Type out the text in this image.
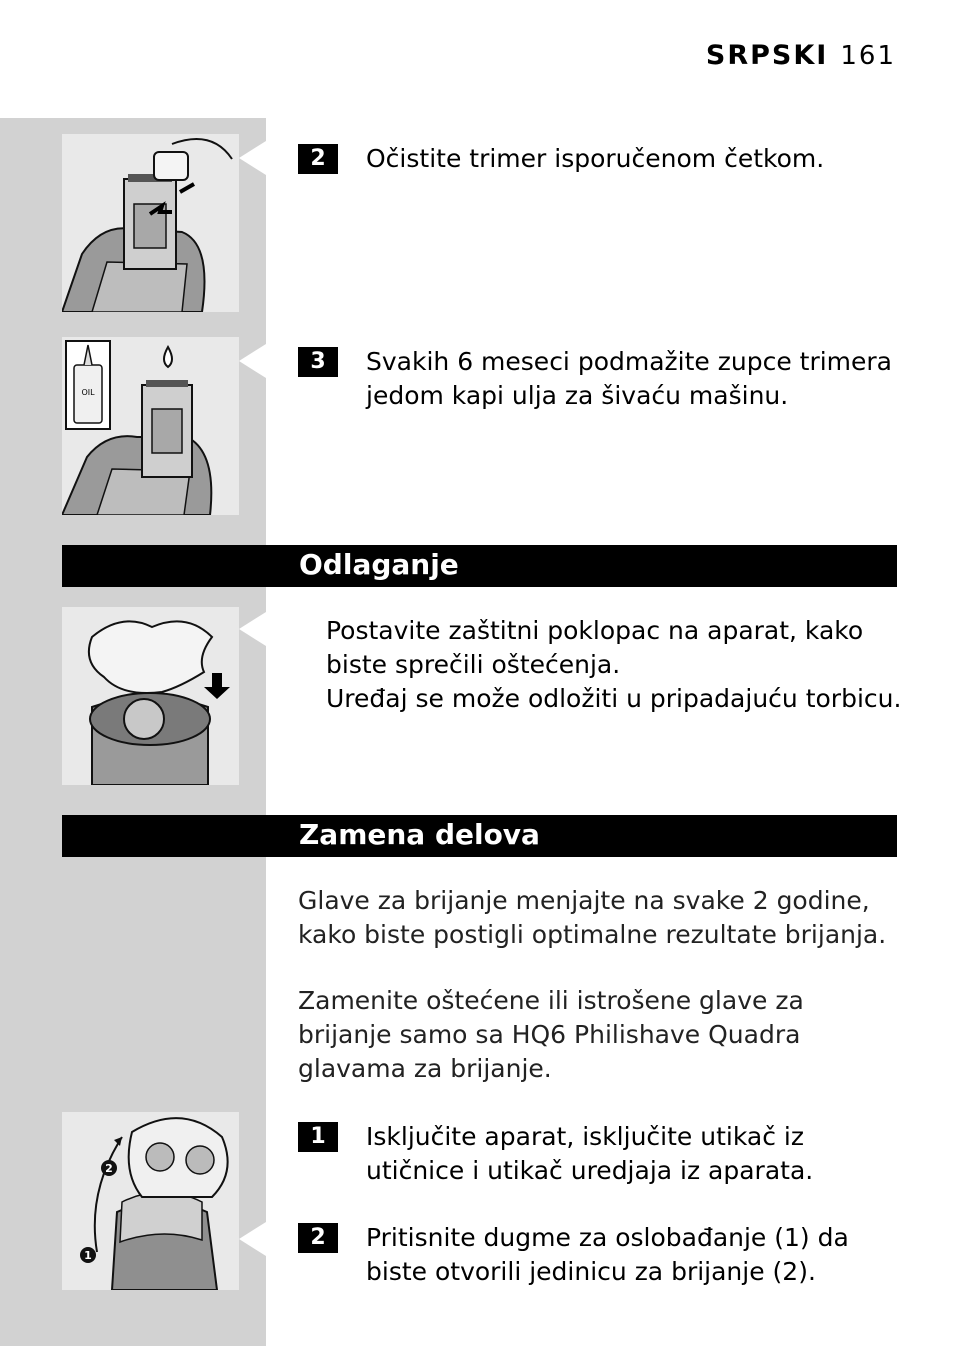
SRPSKI 161
2	Očistite trimer isporučenom četkom.
OIL
3	Svakih 6 meseci podmažite zupce trimera jedom kapi ulja za šivaću mašinu.
Odlaganje

Postavite zaštitni poklopac na aparat, kako biste sprečili oštećenja.

Uređaj se može odložiti u pripadajuću torbicu.

Zamena delova
Glave za brijanje menjajte na svake 2 godine, kako biste postigli optimalne rezultate brijanja.
Zamenite oštećene ili istrošene glave za brijanje samo sa HQ6 Philishave Quadra glavama za brijanje.
2
1
1	Isključite aparat, isključite utikač iz utičnice i utikač uredjaja iz aparata.
2	Pritisnite dugme za oslobađanje (1) da biste otvorili jedinicu za brijanje (2).
